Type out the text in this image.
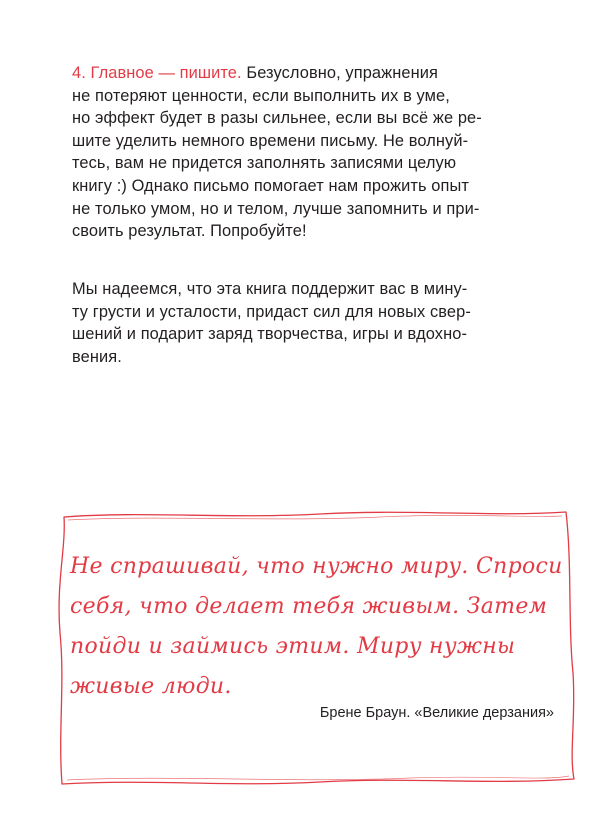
4. Главное — пишите. Безусловно, упражнения
не потеряют ценности, если выполнить их в уме,
но эффект будет в разы сильнее, если вы всё же ре-
шите уделить немного времени письму. Не волнуй-
тесь, вам не придется заполнять записями целую
книгу :) Однако письмо помогает нам прожить опыт
не только умом, но и телом, лучше запомнить и при-
своить результат. Попробуйте!

Мы надеемся, что эта книга поддержит вас в мину-
ту грусти и усталости, придаст сил для новых свер-
шений и подарит заряд творчества, игры и вдохно-
вения.

Не спрашивай, что нужно миру. Спроси
себя, что делает тебя живым. Затем
пойди и займись этим. Миру нужны
живые люди.

Брене Браун. «Великие дерзания»
